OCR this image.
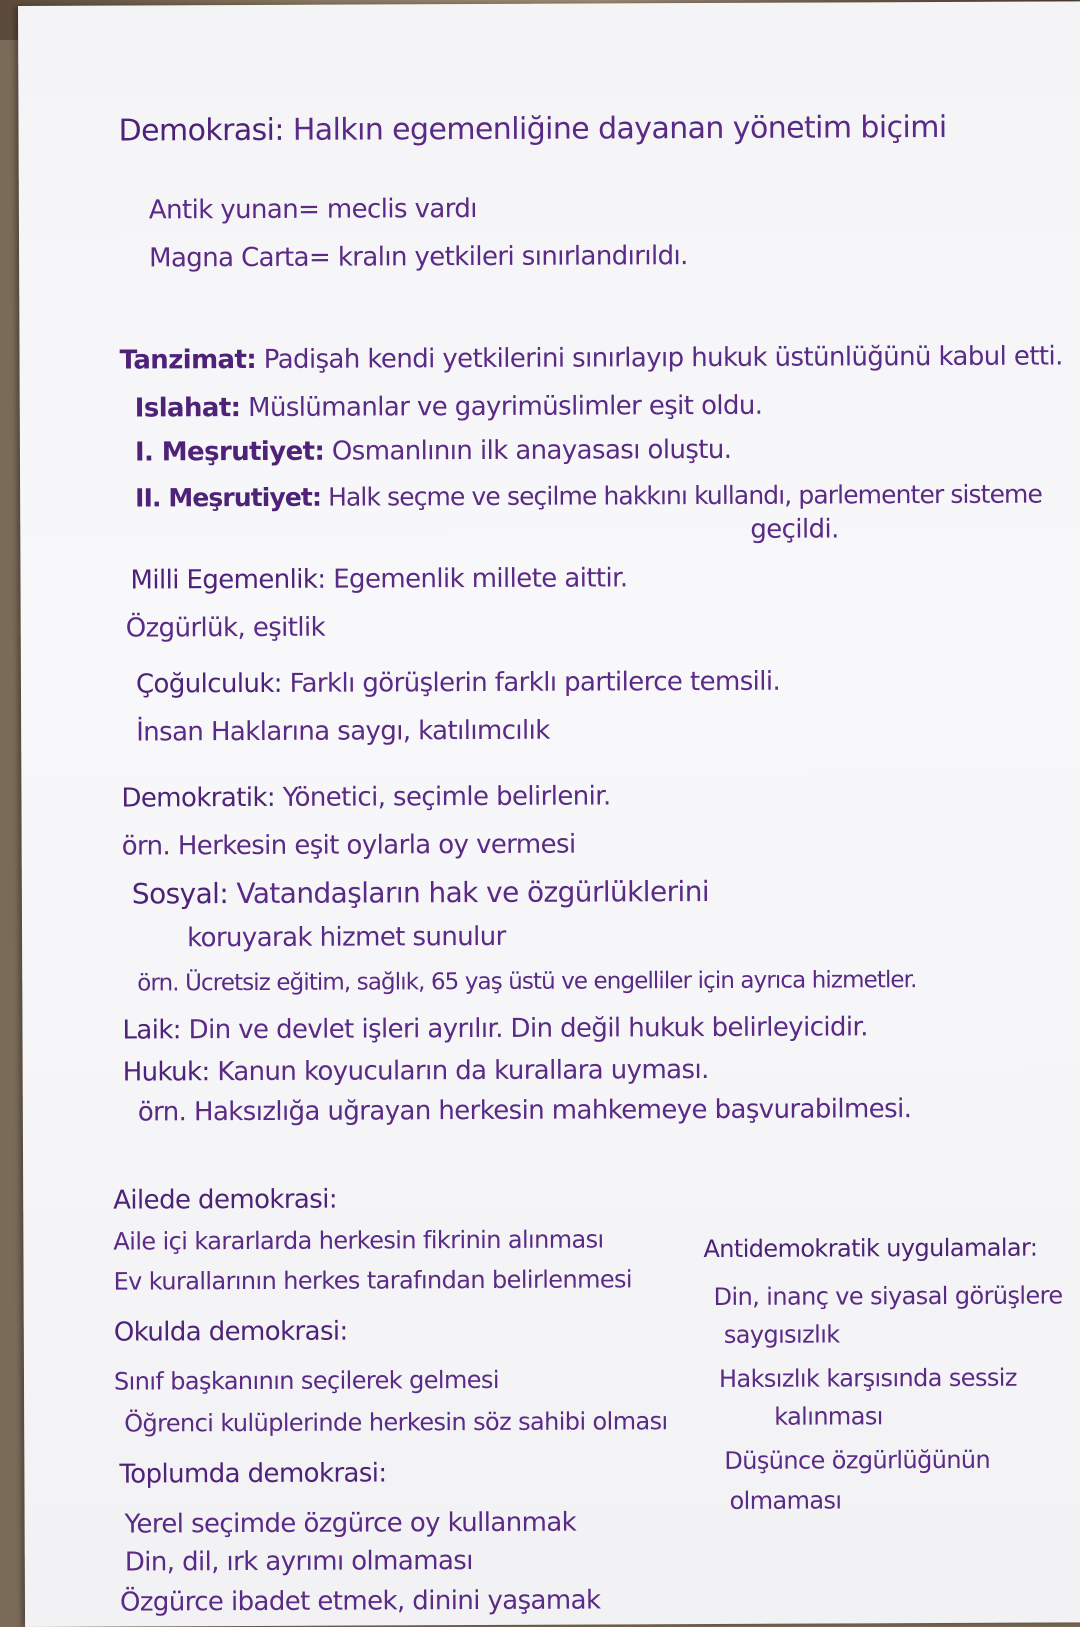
Demokrasi: Halkın egemenliğine dayanan yönetim biçimi
Antik yunan= meclis vardı
Magna Carta= kralın yetkileri sınırlandırıldı.
Tanzimat: Padişah kendi yetkilerini sınırlayıp hukuk üstünlüğünü kabul etti.
Islahat: Müslümanlar ve gayrimüslimler eşit oldu.
I. Meşrutiyet: Osmanlının ilk anayasası oluştu.
II. Meşrutiyet: Halk seçme ve seçilme hakkını kullandı, parlementer sisteme
geçildi.
Milli Egemenlik: Egemenlik millete aittir.
Özgürlük, eşitlik
Çoğulculuk: Farklı görüşlerin farklı partilerce temsili.
İnsan Haklarına saygı, katılımcılık
Demokratik: Yönetici, seçimle belirlenir.
örn. Herkesin eşit oylarla oy vermesi
Sosyal: Vatandaşların hak ve özgürlüklerini
koruyarak hizmet sunulur
örn. Ücretsiz eğitim, sağlık, 65 yaş üstü ve engelliler için ayrıca hizmetler.
Laik: Din ve devlet işleri ayrılır. Din değil hukuk belirleyicidir.
Hukuk: Kanun koyucuların da kurallara uyması.
örn. Haksızlığa uğrayan herkesin mahkemeye başvurabilmesi.
Ailede demokrasi:
Aile içi kararlarda herkesin fikrinin alınması
Ev kurallarının herkes tarafından belirlenmesi
Okulda demokrasi:
Sınıf başkanının seçilerek gelmesi
Öğrenci kulüplerinde herkesin söz sahibi olması
Toplumda demokrasi:
Yerel seçimde özgürce oy kullanmak
Din, dil, ırk ayrımı olmaması
Özgürce ibadet etmek, dinini yaşamak
Antidemokratik uygulamalar:
Din, inanç ve siyasal görüşlere
saygısızlık
Haksızlık karşısında sessiz
kalınması
Düşünce özgürlüğünün
olmaması
